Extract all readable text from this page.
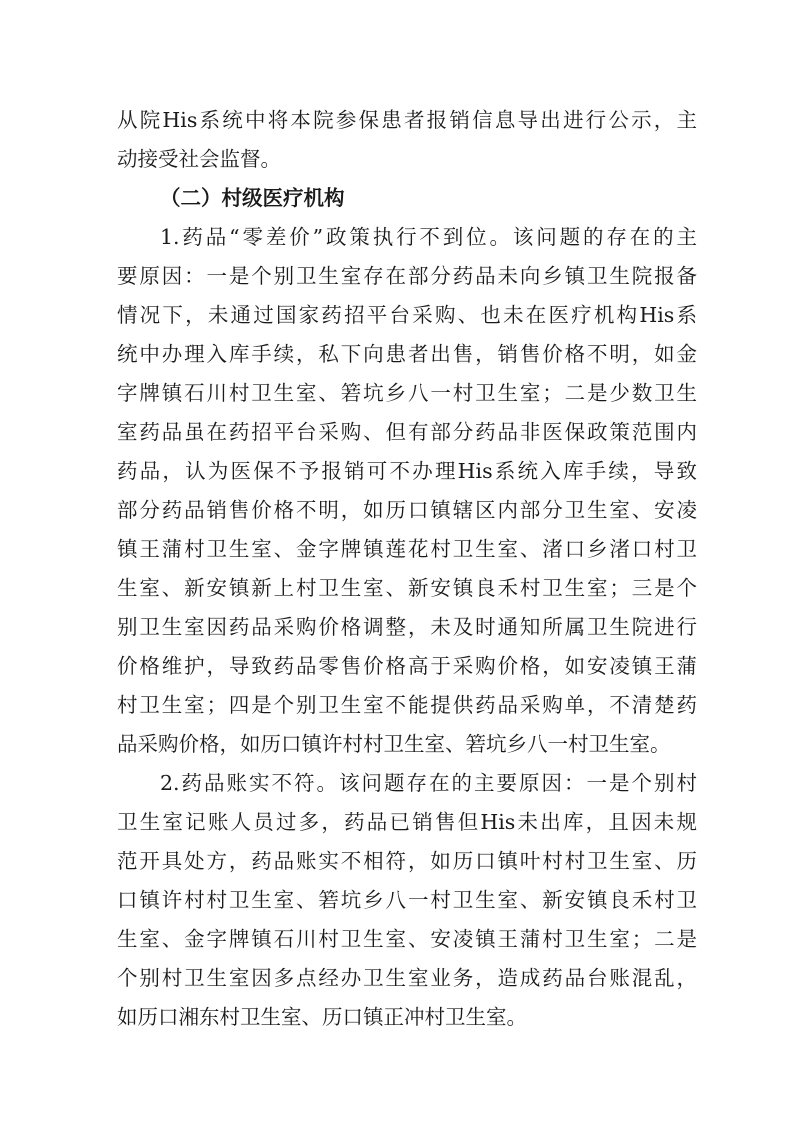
从院His系统中将本院参保患者报销信息导出进行公示，主
动接受社会监督。
（二）村级医疗机构
1.药品“零差价”政策执行不到位。该问题的存在的主
要原因：一是个别卫生室存在部分药品未向乡镇卫生院报备
情况下，未通过国家药招平台采购、也未在医疗机构His系
统中办理入库手续，私下向患者出售，销售价格不明，如金
字牌镇石川村卫生室、箬坑乡八一村卫生室；二是少数卫生
室药品虽在药招平台采购、但有部分药品非医保政策范围内
药品，认为医保不予报销可不办理His系统入库手续，导致
部分药品销售价格不明，如历口镇辖区内部分卫生室、安凌
镇王蒲村卫生室、金字牌镇莲花村卫生室、渚口乡渚口村卫
生室、新安镇新上村卫生室、新安镇良禾村卫生室；三是个
别卫生室因药品采购价格调整，未及时通知所属卫生院进行
价格维护，导致药品零售价格高于采购价格，如安凌镇王蒲
村卫生室；四是个别卫生室不能提供药品采购单，不清楚药
品采购价格，如历口镇许村村卫生室、箬坑乡八一村卫生室。
2.药品账实不符。该问题存在的主要原因：一是个别村
卫生室记账人员过多，药品已销售但His未出库，且因未规
范开具处方，药品账实不相符，如历口镇叶村村卫生室、历
口镇许村村卫生室、箬坑乡八一村卫生室、新安镇良禾村卫
生室、金字牌镇石川村卫生室、安凌镇王蒲村卫生室；二是
个别村卫生室因多点经办卫生室业务，造成药品台账混乱，
如历口湘东村卫生室、历口镇正冲村卫生室。
